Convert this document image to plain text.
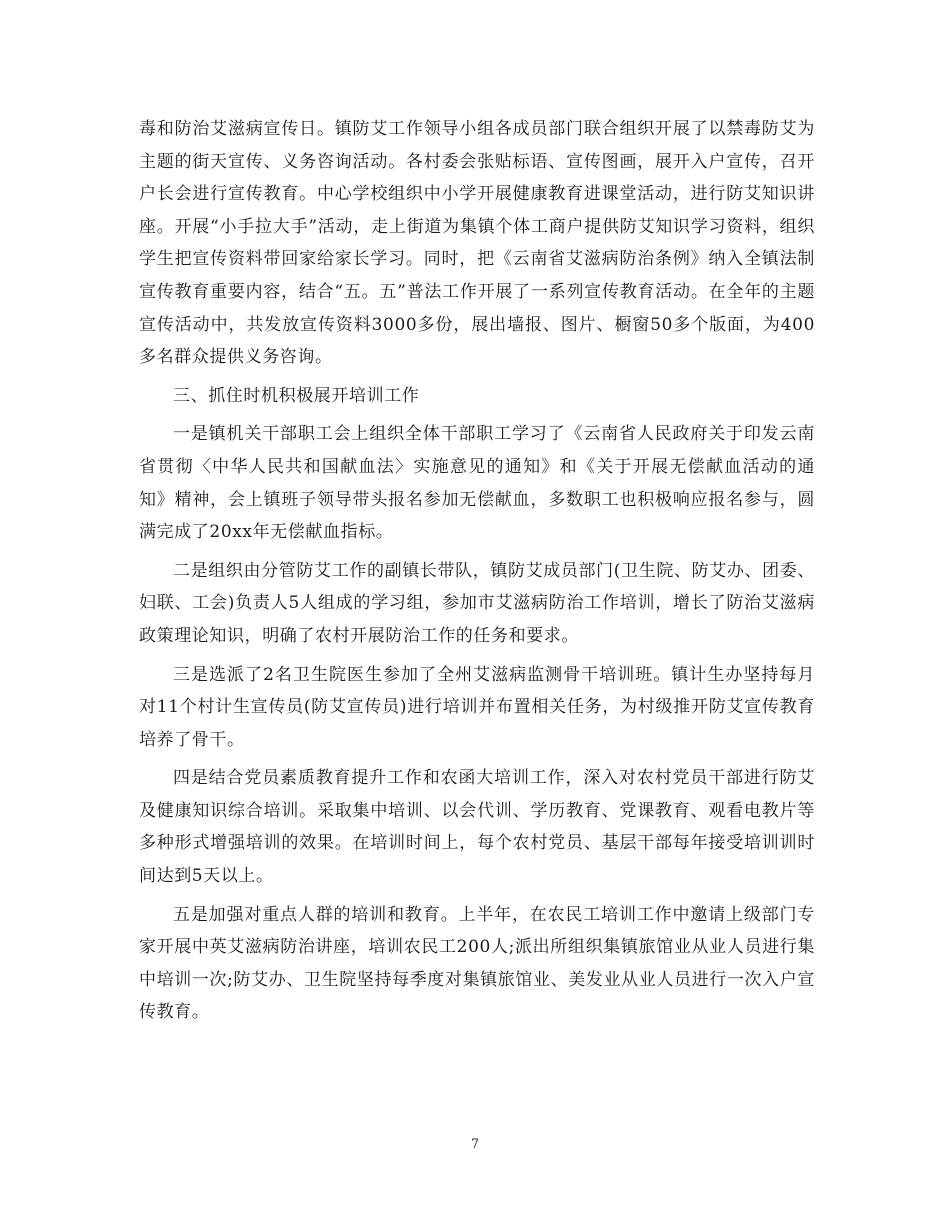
毒和防治艾滋病宣传日。镇防艾工作领导小组各成员部门联合组织开展了以禁毒防艾为主题的街天宣传、义务咨询活动。各村委会张贴标语、宣传图画，展开入户宣传，召开户长会进行宣传教育。中心学校组织中小学开展健康教育进课堂活动，进行防艾知识讲座。开展“小手拉大手”活动，走上街道为集镇个体工商户提供防艾知识学习资料，组织学生把宣传资料带回家给家长学习。同时，把《云南省艾滋病防治条例》纳入全镇法制宣传教育重要内容，结合“五。五”普法工作开展了一系列宣传教育活动。在全年的主题宣传活动中，共发放宣传资料3000多份，展出墙报、图片、橱窗50多个版面，为400多名群众提供义务咨询。

三、抓住时机积极展开培训工作

一是镇机关干部职工会上组织全体干部职工学习了《云南省人民政府关于印发云南省贯彻〈中华人民共和国献血法〉实施意见的通知》和《关于开展无偿献血活动的通知》精神，会上镇班子领导带头报名参加无偿献血，多数职工也积极响应报名参与，圆满完成了20xx年无偿献血指标。

二是组织由分管防艾工作的副镇长带队，镇防艾成员部门(卫生院、防艾办、团委、妇联、工会)负责人5人组成的学习组，参加市艾滋病防治工作培训，增长了防治艾滋病政策理论知识，明确了农村开展防治工作的任务和要求。

三是选派了2名卫生院医生参加了全州艾滋病监测骨干培训班。镇计生办坚持每月对11个村计生宣传员(防艾宣传员)进行培训并布置相关任务，为村级推开防艾宣传教育培养了骨干。

四是结合党员素质教育提升工作和农函大培训工作，深入对农村党员干部进行防艾及健康知识综合培训。采取集中培训、以会代训、学历教育、党课教育、观看电教片等多种形式增强培训的效果。在培训时间上，每个农村党员、基层干部每年接受培训训时间达到5天以上。

五是加强对重点人群的培训和教育。上半年，在农民工培训工作中邀请上级部门专家开展中英艾滋病防治讲座，培训农民工200人;派出所组织集镇旅馆业从业人员进行集中培训一次;防艾办、卫生院坚持每季度对集镇旅馆业、美发业从业人员进行一次入户宣传教育。

7
